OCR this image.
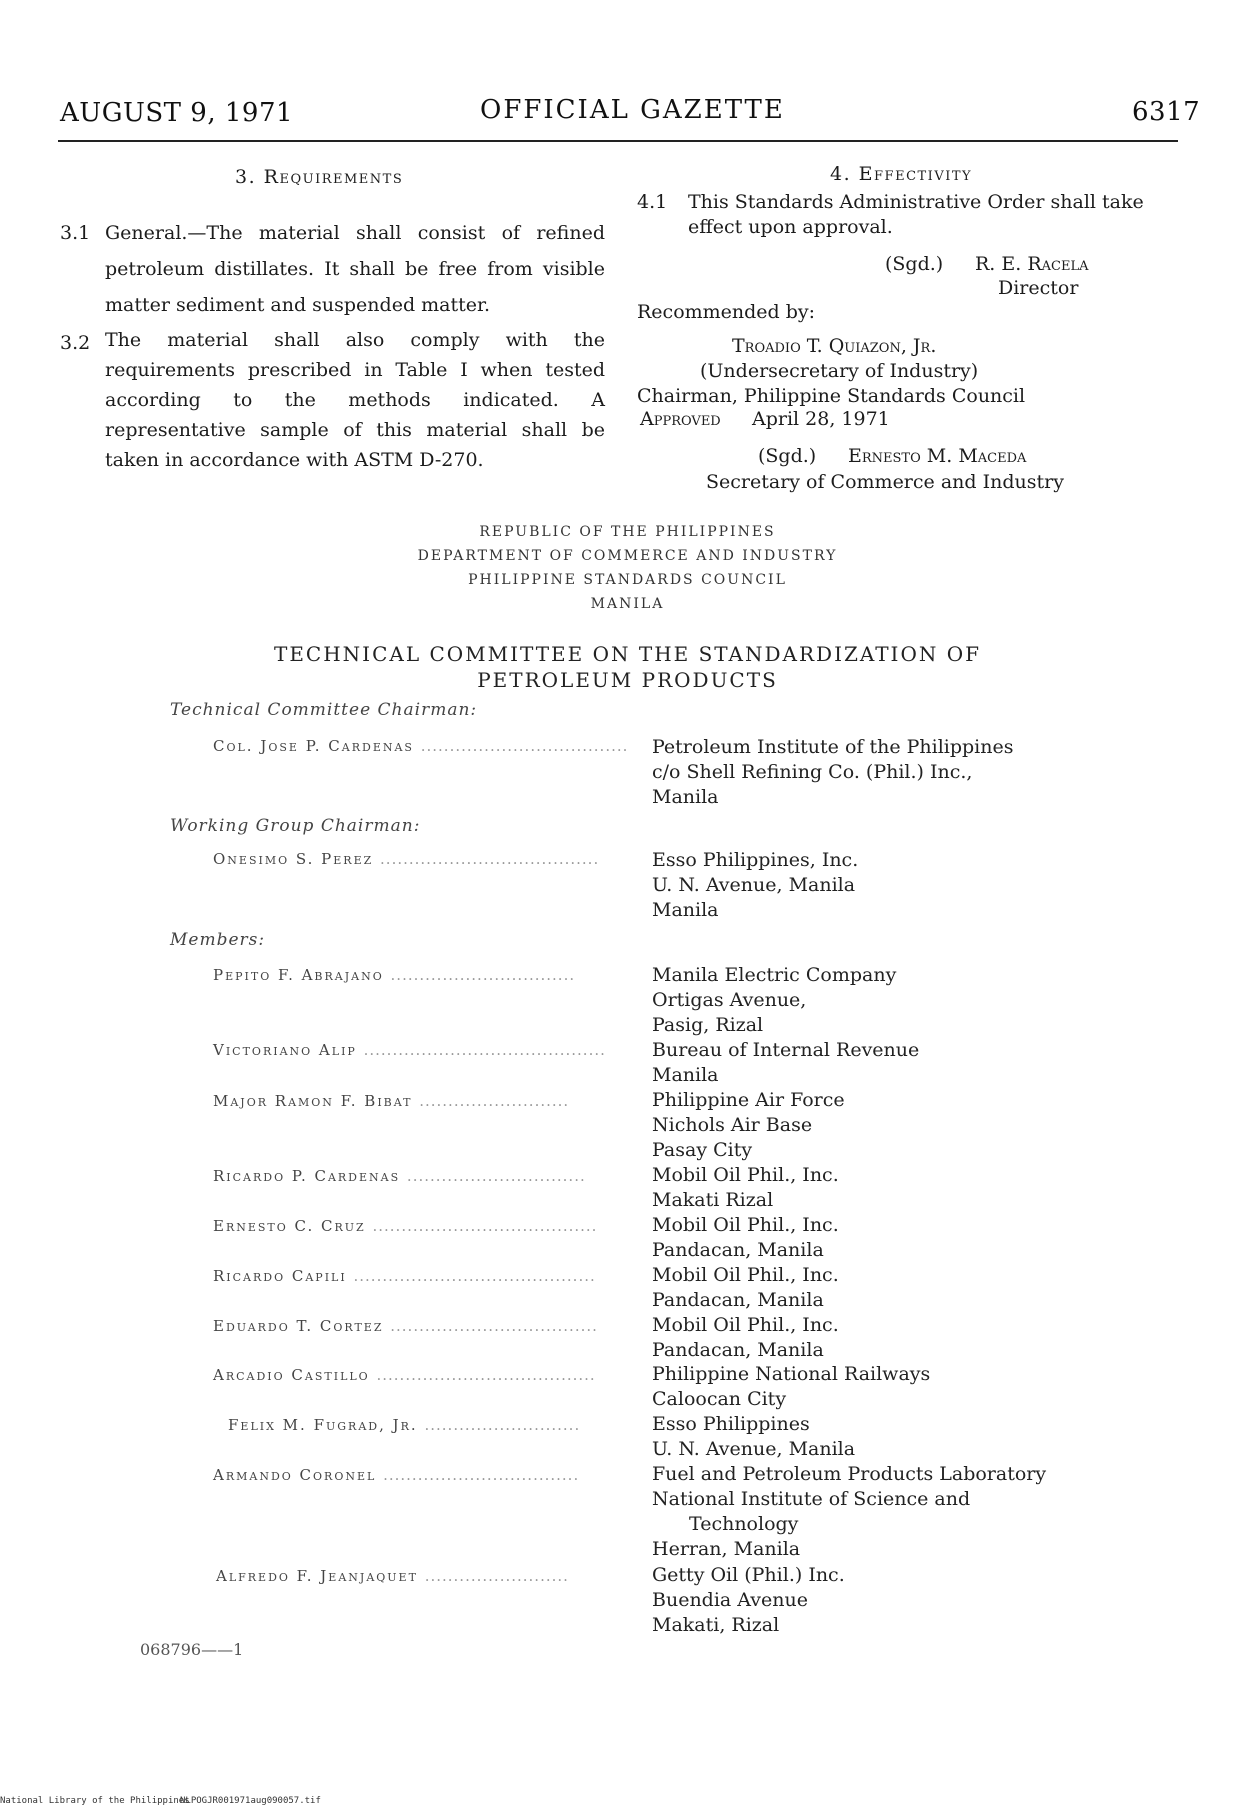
AUGUST 9, 1971	OFFICIAL GAZETTE	6317
3. Requirements
3.1 General.—The material shall consist of refined petroleum distillates. It shall be free from visible matter sediment and suspended matter.
3.2 The material shall also comply with the requirements prescribed in Table I when tested according to the methods indicated. A representative sample of this material shall be taken in accordance with ASTM D-270.
4. Effectivity
4.1	This Standards Administrative Order shall take effect upon approval.
(Sgd.) R. E. Racela
Director
Recommended by:
Troadio T. Quiazon, Jr.
(Undersecretary of Industry)
Chairman, Philippine Standards Council
Approved April 28, 1971
(Sgd.) Ernesto M. Maceda
Secretary of Commerce and Industry
REPUBLIC OF THE PHILIPPINES
DEPARTMENT OF COMMERCE AND INDUSTRY
PHILIPPINE STANDARDS COUNCIL
MANILA
TECHNICAL COMMITTEE ON THE STANDARDIZATION OF
PETROLEUM PRODUCTS
Technical Committee Chairman:
Col. Jose P. Cardenas .................................... Petroleum Institute of the Philippines
c/o Shell Refining Co. (Phil.) Inc.,
Manila
Working Group Chairman:
Onesimo S. Perez ......................................	Esso Philippines, Inc.
U. N. Avenue, Manila
Manila
Members:
Pepito F. Abrajano ................................	Manila Electric Company
Ortigas Avenue,
Pasig, Rizal
Victoriano Alip .......................................... Bureau of Internal Revenue
Manila
Major Ramon F. Bibat ..........................	Philippine Air Force
Nichols Air Base
Pasay City
Ricardo P. Cardenas ...............................	Mobil Oil Phil., Inc.
Makati Rizal
Ernesto C. Cruz .......................................	Mobil Oil Phil., Inc.
Pandacan, Manila
Ricardo Capili ..........................................	Mobil Oil Phil., Inc.
Pandacan, Manila
Eduardo T. Cortez ....................................	Mobil Oil Phil., Inc.
Pandacan, Manila
Arcadio Castillo ......................................	Philippine National Railways
Caloocan City
Felix M. Fugrad, Jr. ...........................	Esso Philippines
U. N. Avenue, Manila
Armando Coronel ..................................	Fuel and Petroleum Products Laboratory
National Institute of Science and
Technology
Herran, Manila
Alfredo F. Jeanjaquet .........................	Getty Oil (Phil.) Inc.
Buendia Avenue
Makati, Rizal
068796——1
National Library of the Philippines
NLPOGJR001971aug090057.tif
